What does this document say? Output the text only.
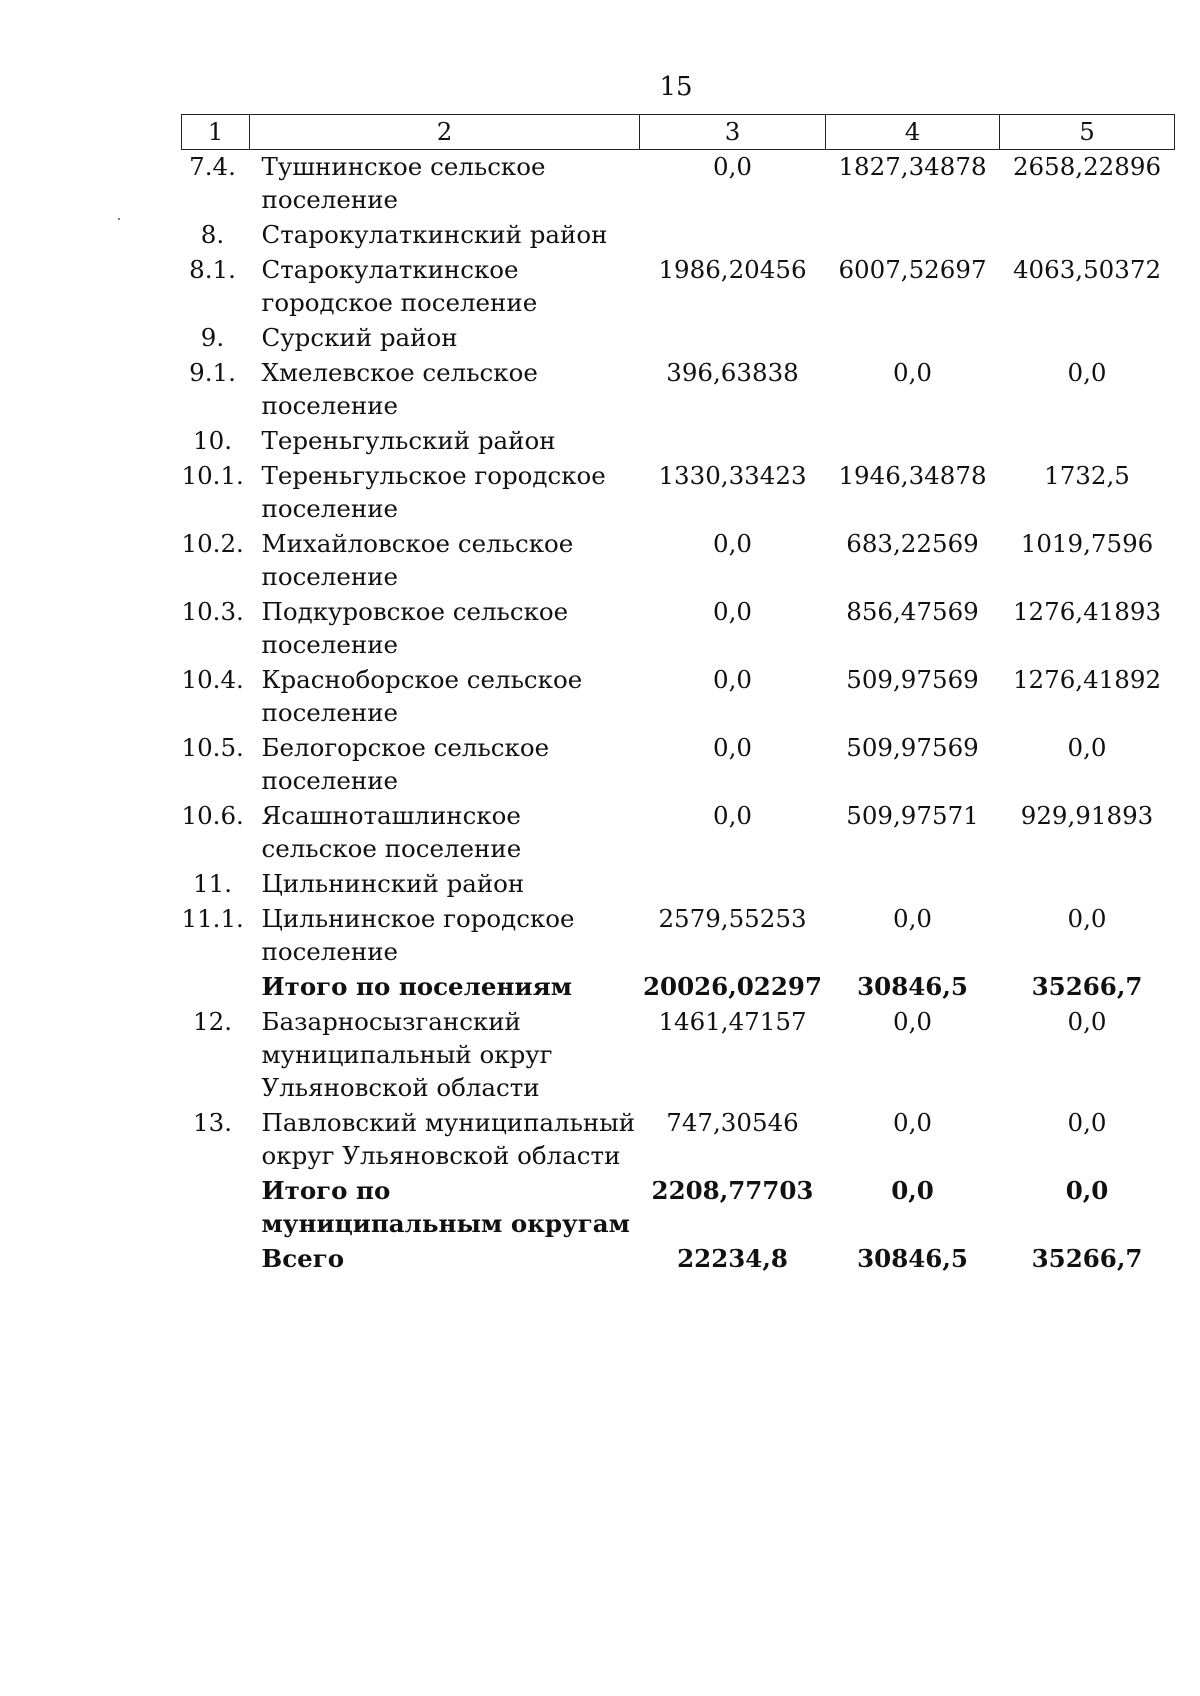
15
1	2	3	4	5
7.4.	Тушнинское сельское поселение	0,0	1827,34878	2658,22896
8.	Старокулаткинский район			
8.1.	Старокулаткинское городское поселение	1986,20456	6007,52697	4063,50372
9.	Сурский район			
9.1.	Хмелевское сельское поселение	396,63838	0,0	0,0
10.	Тереньгульский район			
10.1.	Тереньгульское городское поселение	1330,33423	1946,34878	1732,5
10.2.	Михайловское сельское поселение	0,0	683,22569	1019,7596
10.3.	Подкуровское сельское поселение	0,0	856,47569	1276,41893
10.4.	Красноборское сельское поселение	0,0	509,97569	1276,41892
10.5.	Белогорское сельское поселение	0,0	509,97569	0,0
10.6.	Ясашноташлинское сельское поселение	0,0	509,97571	929,91893
11.	Цильнинский район			
11.1.	Цильнинское городское поселение	2579,55253	0,0	0,0
	Итого по поселениям	20026,02297	30846,5	35266,7
12.	Базарносызганский муниципальный округ Ульяновской области	1461,47157	0,0	0,0
13.	Павловский муниципальный округ Ульяновской области	747,30546	0,0	0,0
	Итого по муниципальным округам	2208,77703	0,0	0,0
	Всего	22234,8	30846,5	35266,7
